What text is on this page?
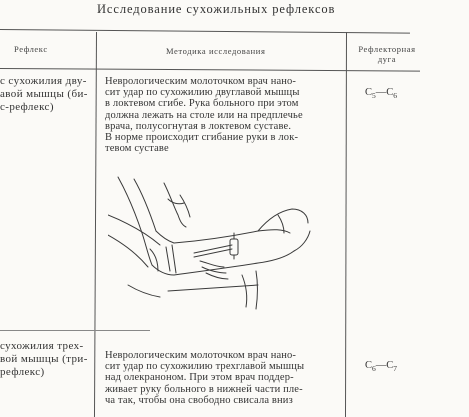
Исследование сухожильных рефлексов
Рефлекс	Методика исследования	Рефлекторная
дуга
с сухожилия дву-
авой мышцы (би-
с-рефлекс)
Неврологическим молоточком врач нано-
сит удар по сухожилию двуглавой мышцы
в локтевом сгибе. Рука больного при этом
должна лежать на столе или на предплечье
врача, полусогнутая в локтевом суставе.
В норме происходит сгибание руки в лок-
тевом суставе
$C_5—C_6$
сухожилия трех-
вой мышцы (три-
рефлекс)
Неврологическим молоточком врач нано-
сит удар по сухожилию трехглавой мышцы
над олекраноном. При этом врач поддер-
живает руку больного в нижней части пле-
ча так, чтобы она свободно свисала вниз
$C_6—C_7$
